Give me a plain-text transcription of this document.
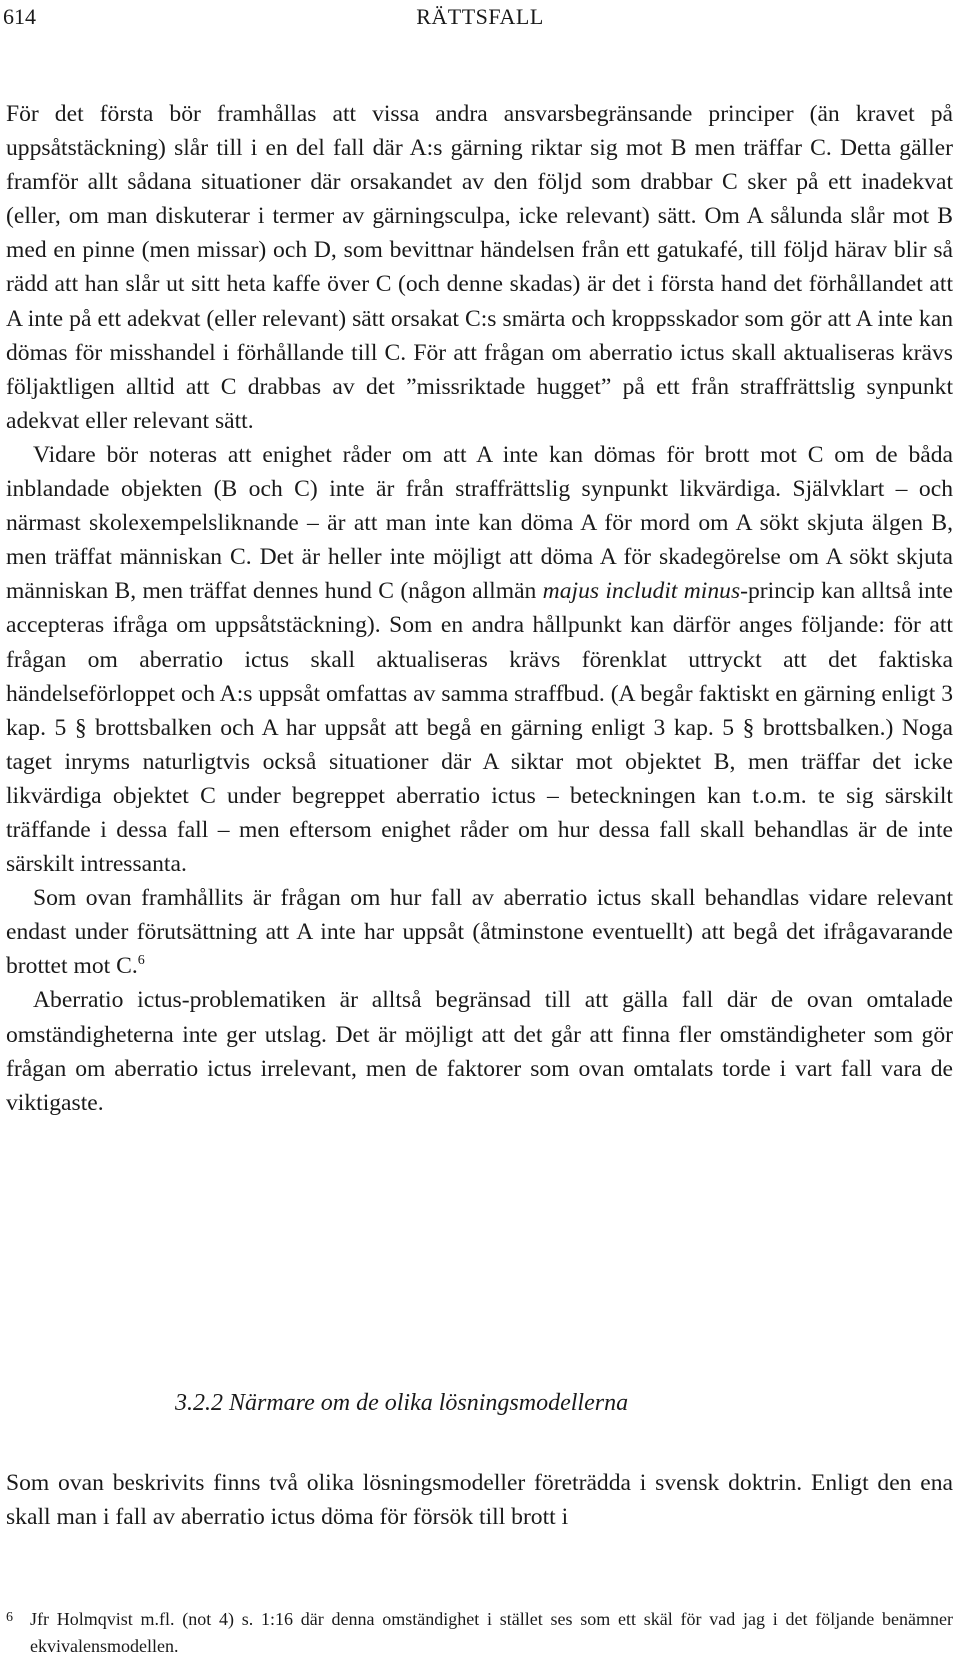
614	RÄTTSFALL

För det första bör framhållas att vissa andra ansvarsbegränsande principer (än kravet på uppsåtstäckning) slår till i en del fall där A:s gärning riktar sig mot B men träffar C. Detta gäller framför allt sådana situationer där orsakandet av den följd som drabbar C sker på ett inadekvat (eller, om man diskuterar i termer av gärningsculpa, icke relevant) sätt. Om A sålunda slår mot B med en pinne (men missar) och D, som bevittnar händelsen från ett gatukafé, till följd härav blir så rädd att han slår ut sitt heta kaffe över C (och denne skadas) är det i första hand det förhållandet att A inte på ett adekvat (eller relevant) sätt orsakat C:s smärta och kroppsskador som gör att A inte kan dömas för misshandel i förhållande till C. För att frågan om aberratio ictus skall aktualiseras krävs följaktligen alltid att C drabbas av det ”missriktade hugget” på ett från straffrättslig synpunkt adekvat eller relevant sätt.

Vidare bör noteras att enighet råder om att A inte kan dömas för brott mot C om de båda inblandade objekten (B och C) inte är från straffrättslig synpunkt likvärdiga. Självklart – och närmast skolexempelsliknande – är att man inte kan döma A för mord om A sökt skjuta älgen B, men träffat människan C. Det är heller inte möjligt att döma A för skadegörelse om A sökt skjuta människan B, men träffat dennes hund C (någon allmän majus includit minus-princip kan alltså inte accepteras ifråga om uppsåtstäckning). Som en andra hållpunkt kan därför anges följande: för att frågan om aberratio ictus skall aktualiseras krävs förenklat uttryckt att det faktiska händelseförloppet och A:s uppsåt omfattas av samma straffbud. (A begår faktiskt en gärning enligt 3 kap. 5 § brottsbalken och A har uppsåt att begå en gärning enligt 3 kap. 5 § brottsbalken.) Noga taget inryms naturligtvis också situationer där A siktar mot objektet B, men träffar det icke likvärdiga objektet C under begreppet aberratio ictus – beteckningen kan t.o.m. te sig särskilt träffande i dessa fall – men eftersom enighet råder om hur dessa fall skall behandlas är de inte särskilt intressanta.

Som ovan framhållits är frågan om hur fall av aberratio ictus skall behandlas vidare relevant endast under förutsättning att A inte har uppsåt (åtminstone eventuellt) att begå det ifrågavarande brottet mot C.$^6$

Aberratio ictus-problematiken är alltså begränsad till att gälla fall där de ovan omtalade omständigheterna inte ger utslag. Det är möjligt att det går att finna fler omständigheter som gör frågan om aberratio ictus irrelevant, men de faktorer som ovan omtalats torde i vart fall vara de viktigaste.

3.2.2 Närmare om de olika lösningsmodellerna

Som ovan beskrivits finns två olika lösningsmodeller företrädda i svensk doktrin. Enligt den ena skall man i fall av aberratio ictus döma för försök till brott i

6 Jfr Holmqvist m.fl. (not 4) s. 1:16 där denna omständighet i stället ses som ett skäl för vad jag i det följande benämner ekvivalensmodellen.
